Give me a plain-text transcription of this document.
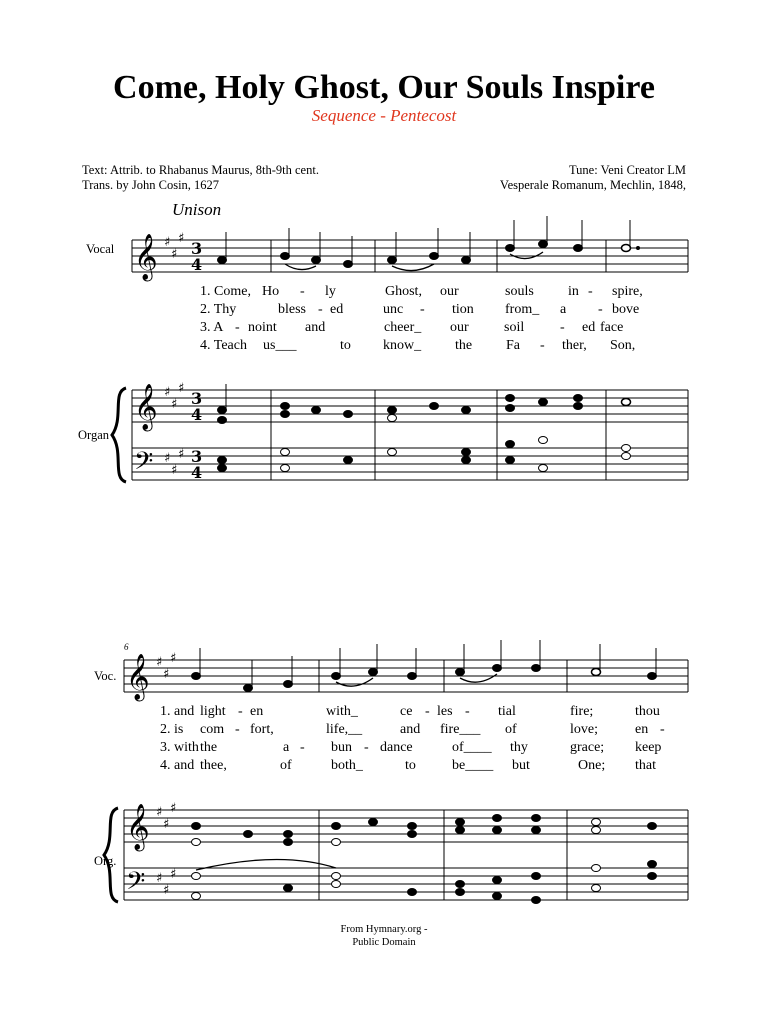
Come, Holy Ghost, Our Souls Inspire
Sequence - Pentecost
Text: Attrib. to Rhabanus Maurus, 8th-9th cent.
Trans. by John Cosin, 1627
Tune: Veni Creator LM
Vesperale Romanum, Mechlin, 1848,
Unison
Vocal
Organ
Voc.
Org.
6
1. Come, Ho - ly	Ghost, our	souls in - spire,
2. Thy	bless - ed	unc - tion from_ a - bove
3. A - noint and	cheer_ our	soil	- ed face
4. Teach us___	to know_ the Fa - ther, Son,
1. and light - en	with_	ce - les - tial	fire;	thou
2. is com - fort,	life,__	and fire___ of	love;	en -
3. with the	a - bun - dance	of____ thy	grace; keep
4. and thee,	of	both_	to	be____ but	One; that
𝄞
𝄞
𝄢
♯
♯
♯
♯
♯
♯
♯
♯
♯
3
4
3
4
3
4
𝄞
𝄞
𝄢
♯
♯
♯
♯
♯
♯
♯
♯
♯
From Hymnary.org -
Public Domain
